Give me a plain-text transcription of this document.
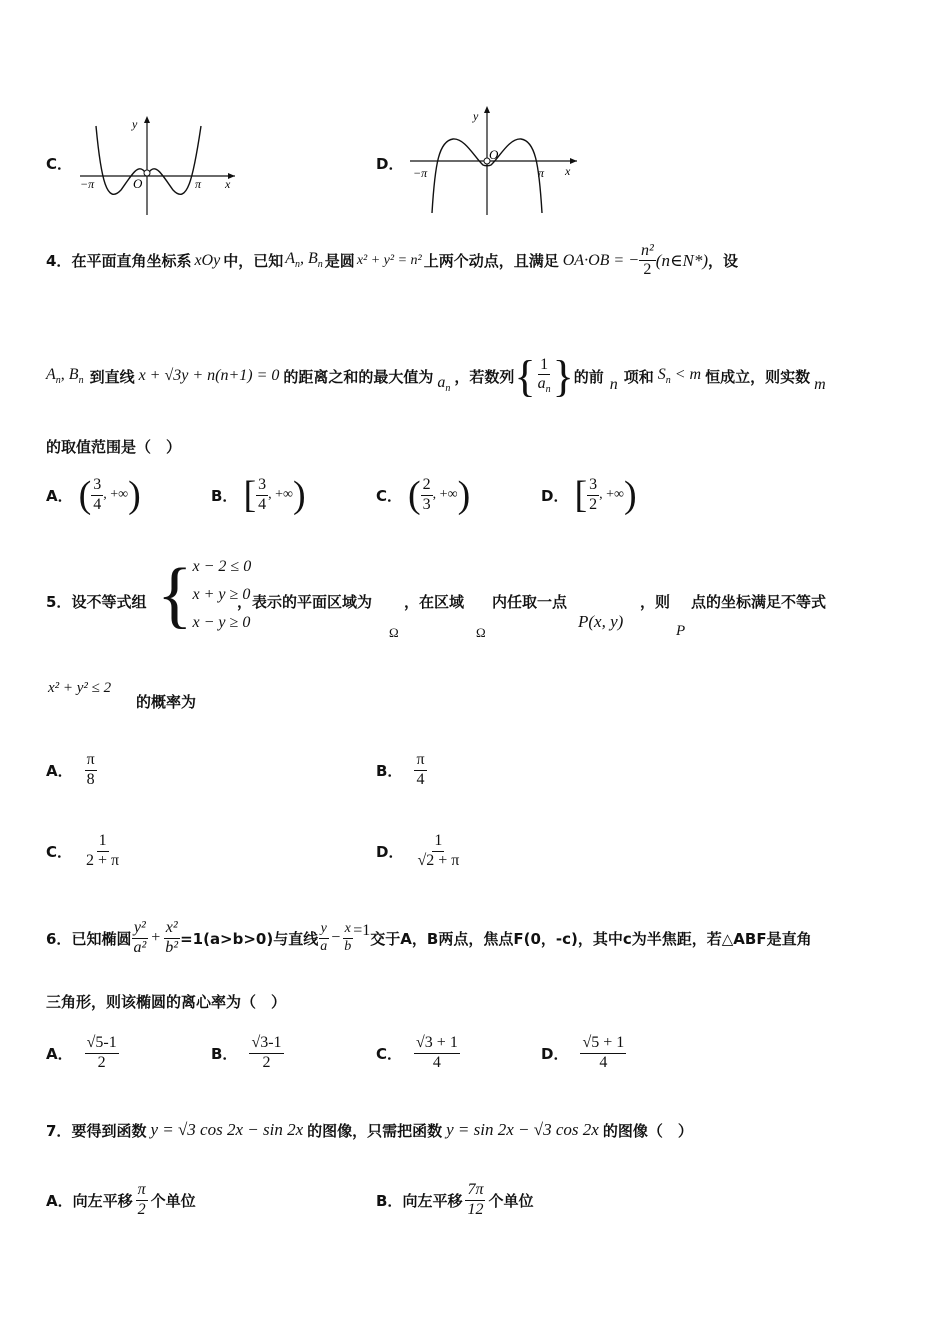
C．
y
x
O
−π	π
D．
y
x
O
−π	π
4． 在平面直角坐标系 xOy 中，已知 $A_n$, $B_n$ 是圆 x² + y² = n² 上两个动点，且满足 OA·OB = − $\frac{\text{n²}}{2}$ (n∈N*) ，设
$A_n$, $B_n$ 到直线 x + √3y + n(n+1) = 0 的距离之和的最大值为 $a_n$
，若数列 { $\frac{1}{a_n}$ } 的前 n 项和 $S_n < m$ 恒成立，则实数 m
的取值范围是（　）
A． ( $\frac{3}{4}$ , +∞ )	B． [ $\frac{3}{4}$ , +∞ )	C． ( $\frac{2}{3}$ , +∞ )	D． [ $\frac{3}{2}$ , +∞ )
5．设不等式组 { x − 2 ≤ 0
x + y ≥ 0
x − y ≥ 0
，表示的平面区域为
Ω
，在区域
Ω
内任取一点
P(x, y)
，则
P
点的坐标满足不等式
x² + y² ≤ 2
的概率为
A． $\frac{\pi}{8}$	B． $\frac{\pi}{4}$
C． $\frac{1}{2 + \pi}$	D． $\frac{1}{√2 + \pi}$
6． 已知椭圆 $\frac{\text{y²}}{\text{a²}} + \frac{\text{x²}}{\text{b²}} =1(a>b>0)$与直线 $\frac{y}{a} - \frac{x}{b} =1$ 交于A，B两点，焦点F(0，-c)，其中c为半焦距，若△ABF是直角
三角形，则该椭圆的离心率为（　）
A． $\frac{√5-1}{2}$	B． $\frac{√3-1}{2}$	C． $\frac{√3 + 1}{4}$	D． $\frac{√5 + 1}{4}$
7． 要得到函数 y = √3 cos 2x − sin 2x 的图像，只需把函数 y = sin 2x − √3 cos 2x 的图像（　）
A． 向左平移 $\frac{\pi}{2}$ 个单位	B． 向左平移 $\frac{7\pi}{12}$ 个单位
